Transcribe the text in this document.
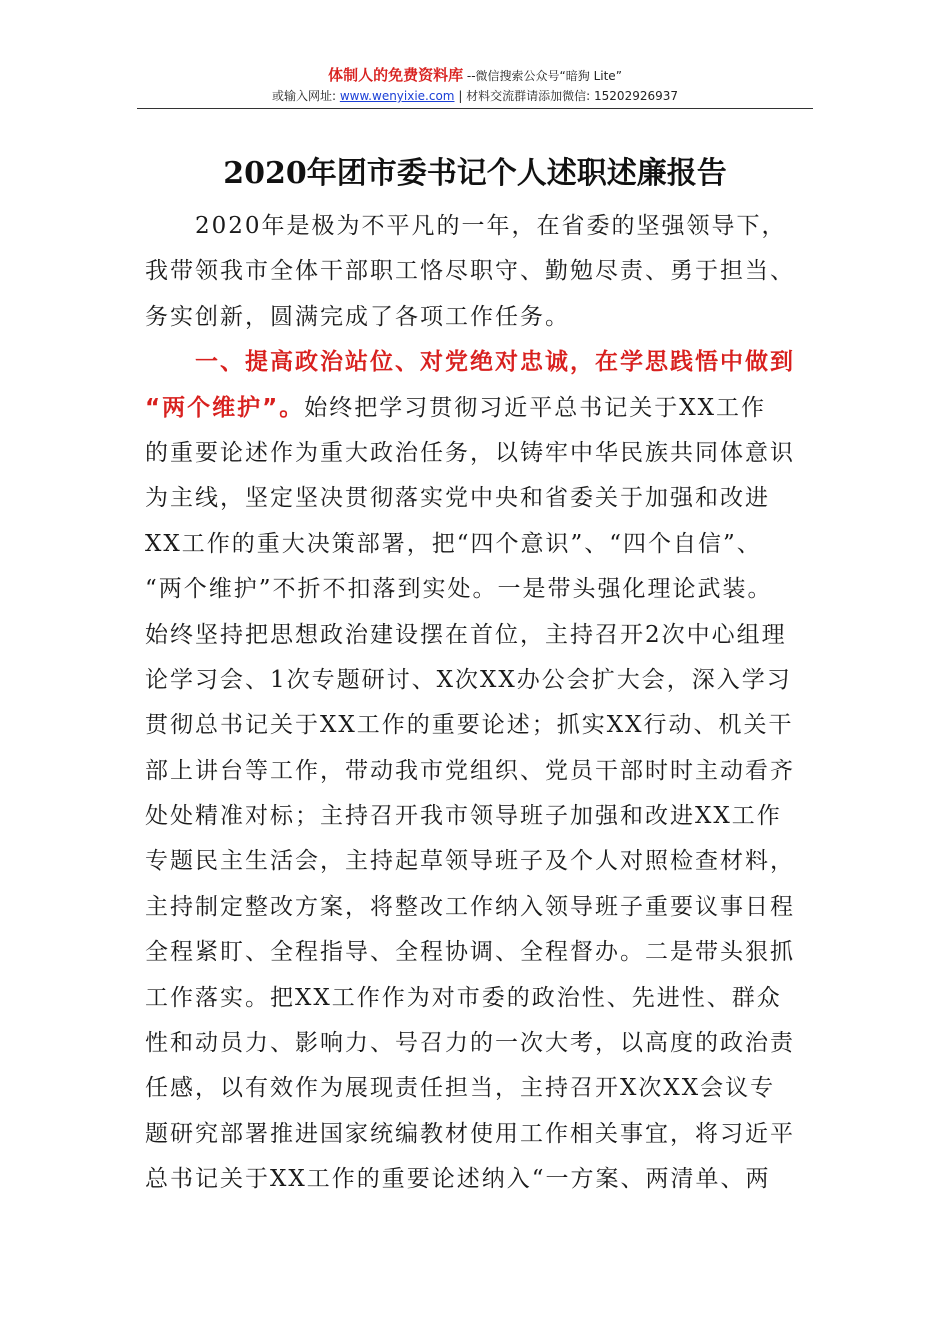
体制人的免费资料库 --微信搜索公众号“暗狗 Lite”
或输入网址: www.wenyixie.com | 材料交流群请添加微信: 15202926937
2020年团市委书记个人述职述廉报告
2020年是极为不平凡的一年，在省委的坚强领导下，
我带领我市全体干部职工恪尽职守、勤勉尽责、勇于担当、
务实创新，圆满完成了各项工作任务。
一、提高政治站位、对党绝对忠诚，在学思践悟中做到
“两个维护”。始终把学习贯彻习近平总书记关于XX工作
的重要论述作为重大政治任务，以铸牢中华民族共同体意识
为主线，坚定坚决贯彻落实党中央和省委关于加强和改进
XX工作的重大决策部署，把“四个意识”、“四个自信”、
“两个维护”不折不扣落到实处。一是带头强化理论武装。
始终坚持把思想政治建设摆在首位，主持召开2次中心组理
论学习会、1次专题研讨、X次XX办公会扩大会，深入学习
贯彻总书记关于XX工作的重要论述；抓实XX行动、机关干
部上讲台等工作，带动我市党组织、党员干部时时主动看齐
处处精准对标；主持召开我市领导班子加强和改进XX工作
专题民主生活会，主持起草领导班子及个人对照检查材料，
主持制定整改方案，将整改工作纳入领导班子重要议事日程
全程紧盯、全程指导、全程协调、全程督办。二是带头狠抓
工作落实。把XX工作作为对市委的政治性、先进性、群众
性和动员力、影响力、号召力的一次大考，以高度的政治责
任感，以有效作为展现责任担当，主持召开X次XX会议专
题研究部署推进国家统编教材使用工作相关事宜，将习近平
总书记关于XX工作的重要论述纳入“一方案、两清单、两
